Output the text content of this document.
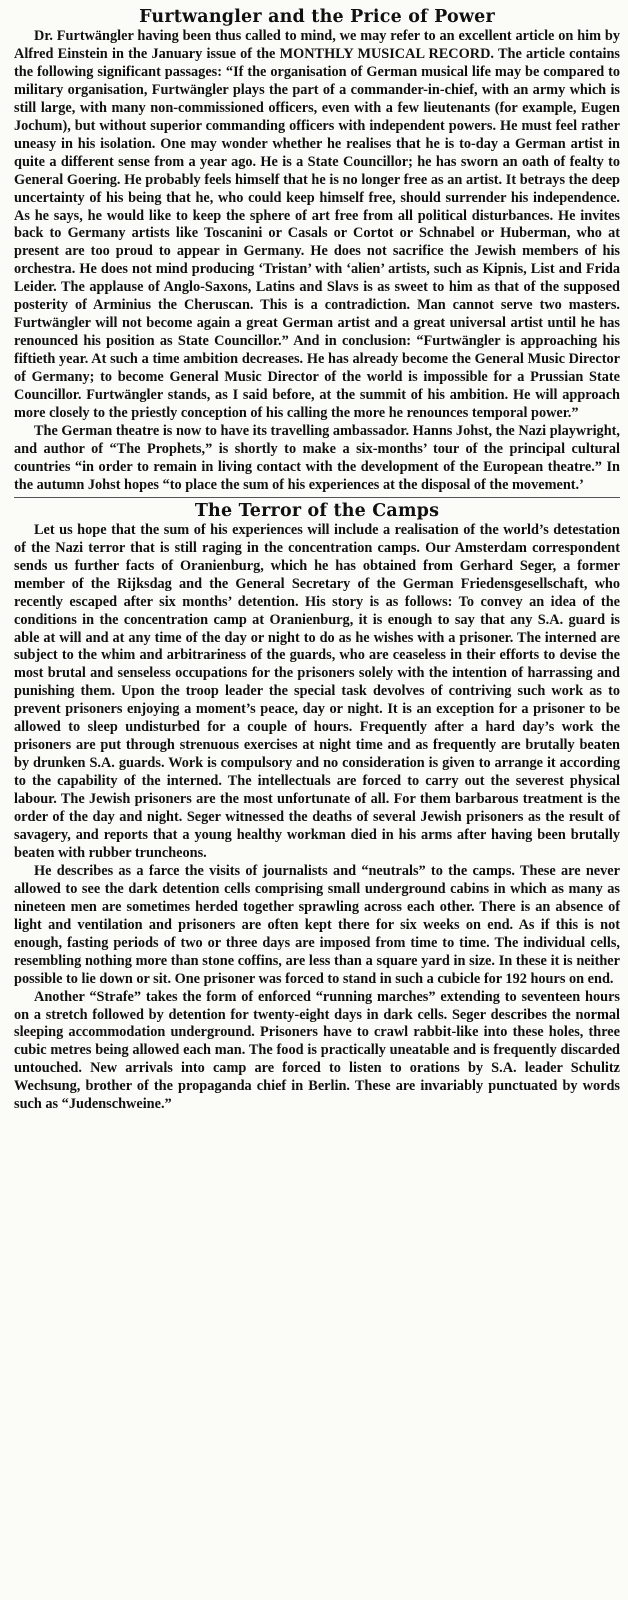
Furtwangler and the Price of Power

Dr. Furtwängler having been thus called to mind, we may refer to an excellent article on him by Alfred Einstein in the January issue of the MONTHLY MUSICAL RECORD. The article contains the following significant passages: “If the organisation of German musical life may be compared to military organisation, Furtwängler plays the part of a commander-in-chief, with an army which is still large, with many non-commissioned officers, even with a few lieutenants (for example, Eugen Jochum), but without superior commanding officers with independent powers. He must feel rather uneasy in his isolation. One may wonder whether he realises that he is to-day a German artist in quite a different sense from a year ago. He is a State Councillor; he has sworn an oath of fealty to General Goering. He probably feels himself that he is no longer free as an artist. It betrays the deep uncertainty of his being that he, who could keep himself free, should surrender his independence. As he says, he would like to keep the sphere of art free from all political disturbances. He invites back to Germany artists like Toscanini or Casals or Cortot or Schnabel or Huberman, who at present are too proud to appear in Germany. He does not sacrifice the Jewish members of his orchestra. He does not mind producing ‘Tristan’ with ‘alien’ artists, such as Kipnis, List and Frida Leider. The applause of Anglo-Saxons, Latins and Slavs is as sweet to him as that of the supposed posterity of Arminius the Cheruscan. This is a contradiction. Man cannot serve two masters. Furtwängler will not become again a great German artist and a great universal artist until he has renounced his position as State Councillor.” And in conclusion: “Furtwängler is approaching his fiftieth year. At such a time ambition decreases. He has already become the General Music Director of Germany; to become General Music Director of the world is impossible for a Prussian State Councillor. Furtwängler stands, as I said before, at the summit of his ambition. He will approach more closely to the priestly conception of his calling the more he renounces temporal power.”

The German theatre is now to have its travelling ambassador. Hanns Johst, the Nazi playwright, and author of “The Prophets,” is shortly to make a six-months’ tour of the principal cultural countries “in order to remain in living contact with the development of the European theatre.” In the autumn Johst hopes “to place the sum of his experiences at the disposal of the movement.’

The Terror of the Camps

Let us hope that the sum of his experiences will include a realisation of the world’s detestation of the Nazi terror that is still raging in the concentration camps. Our Amsterdam correspondent sends us further facts of Oranienburg, which he has obtained from Gerhard Seger, a former member of the Rijksdag and the General Secretary of the German Friedensgesellschaft, who recently escaped after six months’ detention. His story is as follows: To convey an idea of the conditions in the concentration camp at Oranienburg, it is enough to say that any S.A. guard is able at will and at any time of the day or night to do as he wishes with a prisoner. The interned are subject to the whim and arbitrariness of the guards, who are ceaseless in their efforts to devise the most brutal and senseless occupations for the prisoners solely with the intention of harrassing and punishing them. Upon the troop leader the special task devolves of contriving such work as to prevent prisoners enjoying a moment’s peace, day or night. It is an exception for a prisoner to be allowed to sleep undisturbed for a couple of hours. Frequently after a hard day’s work the prisoners are put through strenuous exercises at night time and as frequently are brutally beaten by drunken S.A. guards. Work is compulsory and no consideration is given to arrange it according to the capability of the interned. The intellectuals are forced to carry out the severest physical labour. The Jewish prisoners are the most unfortunate of all. For them barbarous treatment is the order of the day and night. Seger witnessed the deaths of several Jewish prisoners as the result of savagery, and reports that a young healthy workman died in his arms after having been brutally beaten with rubber truncheons.

He describes as a farce the visits of journalists and “neutrals” to the camps. These are never allowed to see the dark detention cells comprising small underground cabins in which as many as nineteen men are sometimes herded together sprawling across each other. There is an absence of light and ventilation and prisoners are often kept there for six weeks on end. As if this is not enough, fasting periods of two or three days are imposed from time to time. The individual cells, resembling nothing more than stone coffins, are less than a square yard in size. In these it is neither possible to lie down or sit. One prisoner was forced to stand in such a cubicle for 192 hours on end.

Another “Strafe” takes the form of enforced “running marches” extending to seventeen hours on a stretch followed by detention for twenty-eight days in dark cells. Seger describes the normal sleeping accommodation underground. Prisoners have to crawl rabbit-like into these holes, three cubic metres being allowed each man. The food is practically uneatable and is frequently discarded untouched. New arrivals into camp are forced to listen to orations by S.A. leader Schulitz Wechsung, brother of the propaganda chief in Berlin. These are invariably punctuated by words such as “Judenschweine.”
